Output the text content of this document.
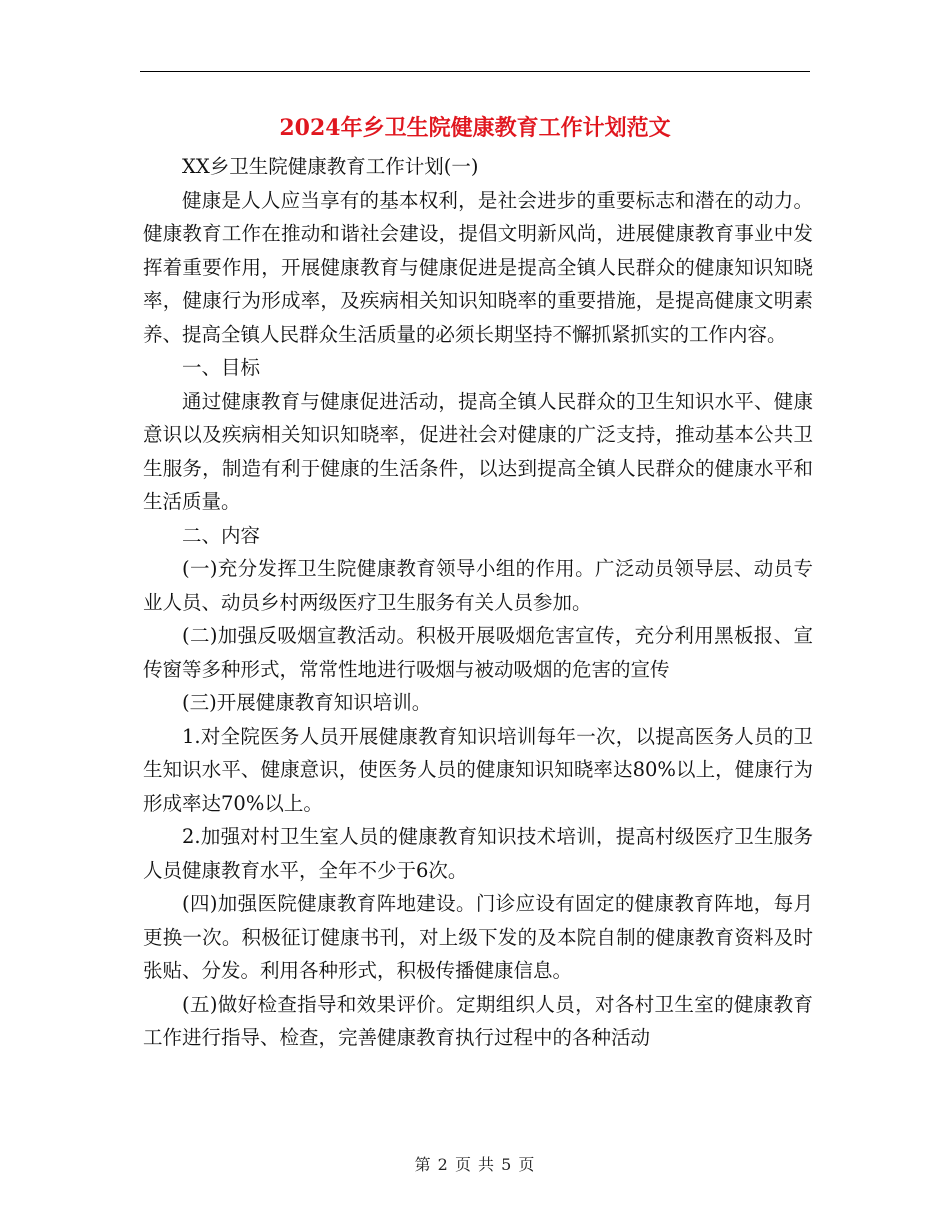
2024年乡卫生院健康教育工作计划范文

XX乡卫生院健康教育工作计划(一)

健康是人人应当享有的基本权利，是社会进步的重要标志和潜在的动力。健康教育工作在推动和谐社会建设，提倡文明新风尚，进展健康教育事业中发挥着重要作用，开展健康教育与健康促进是提高全镇人民群众的健康知识知晓率，健康行为形成率，及疾病相关知识知晓率的重要措施，是提高健康文明素养、提高全镇人民群众生活质量的必须长期坚持不懈抓紧抓实的工作内容。

一、目标

通过健康教育与健康促进活动，提高全镇人民群众的卫生知识水平、健康意识以及疾病相关知识知晓率，促进社会对健康的广泛支持，推动基本公共卫生服务，制造有利于健康的生活条件，以达到提高全镇人民群众的健康水平和生活质量。

二、内容

(一)充分发挥卫生院健康教育领导小组的作用。广泛动员领导层、动员专业人员、动员乡村两级医疗卫生服务有关人员参加。

(二)加强反吸烟宣教活动。积极开展吸烟危害宣传，充分利用黑板报、宣传窗等多种形式，常常性地进行吸烟与被动吸烟的危害的宣传

(三)开展健康教育知识培训。

1.对全院医务人员开展健康教育知识培训每年一次，以提高医务人员的卫生知识水平、健康意识，使医务人员的健康知识知晓率达80%以上，健康行为形成率达70%以上。

2.加强对村卫生室人员的健康教育知识技术培训，提高村级医疗卫生服务人员健康教育水平，全年不少于6次。

(四)加强医院健康教育阵地建设。门诊应设有固定的健康教育阵地，每月更换一次。积极征订健康书刊，对上级下发的及本院自制的健康教育资料及时张贴、分发。利用各种形式，积极传播健康信息。

(五)做好检查指导和效果评价。定期组织人员，对各村卫生室的健康教育工作进行指导、检查，完善健康教育执行过程中的各种活动

第 2 页 共 5 页
